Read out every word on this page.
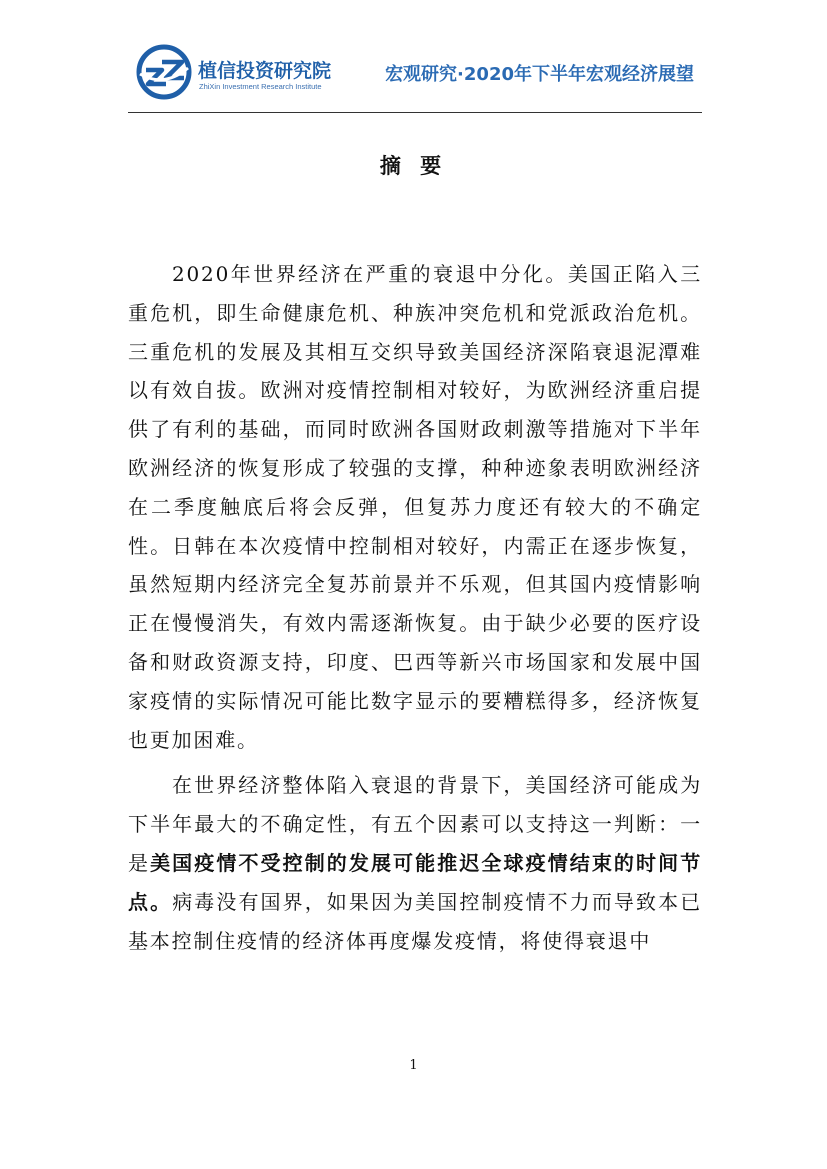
植信投资研究院
ZhiXin Investment Research Institute
宏观研究·2020年下半年宏观经济展望
摘 要

2020年世界经济在严重的衰退中分化。美国正陷入三重危机，即生命健康危机、种族冲突危机和党派政治危机。三重危机的发展及其相互交织导致美国经济深陷衰退泥潭难以有效自拔。欧洲对疫情控制相对较好，为欧洲经济重启提供了有利的基础，而同时欧洲各国财政刺激等措施对下半年欧洲经济的恢复形成了较强的支撑，种种迹象表明欧洲经济在二季度触底后将会反弹，但复苏力度还有较大的不确定性。日韩在本次疫情中控制相对较好，内需正在逐步恢复，虽然短期内经济完全复苏前景并不乐观，但其国内疫情影响正在慢慢消失，有效内需逐渐恢复。由于缺少必要的医疗设备和财政资源支持，印度、巴西等新兴市场国家和发展中国家疫情的实际情况可能比数字显示的要糟糕得多，经济恢复也更加困难。

在世界经济整体陷入衰退的背景下，美国经济可能成为下半年最大的不确定性，有五个因素可以支持这一判断：一是美国疫情不受控制的发展可能推迟全球疫情结束的时间节点。病毒没有国界，如果因为美国控制疫情不力而导致本已基本控制住疫情的经济体再度爆发疫情，将使得衰退中

1
